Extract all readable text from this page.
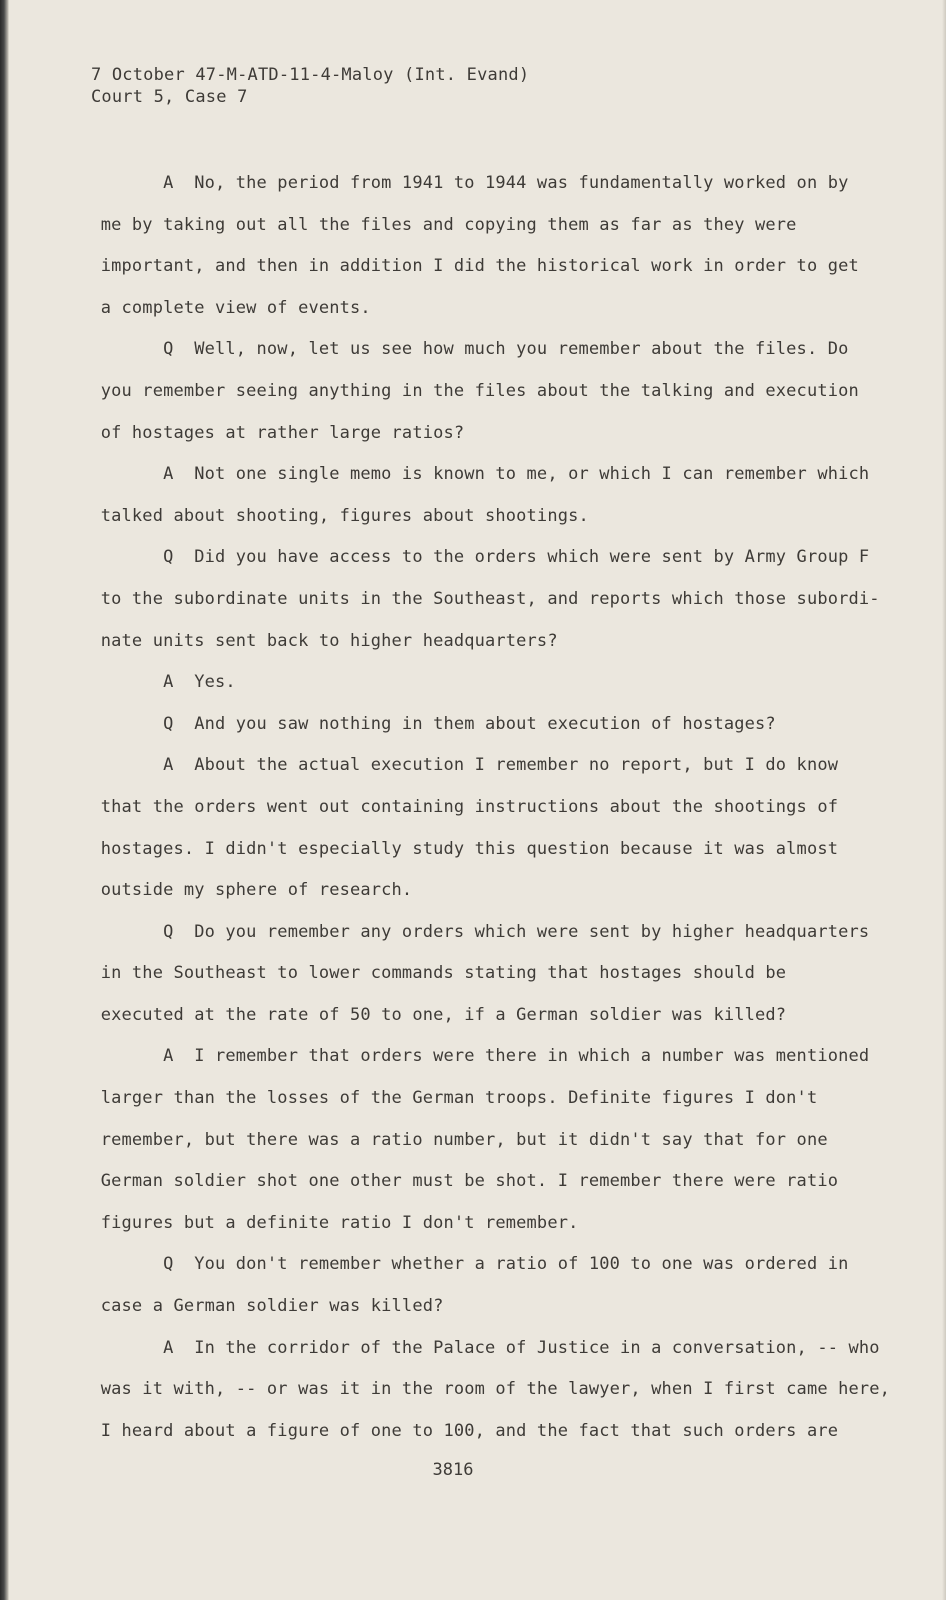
7 October 47-M-ATD-11-4-Maloy (Int. Evand)
Court 5, Case 7
A  No, the period from 1941 to 1944 was fundamentally worked on by
me by taking out all the files and copying them as far as they were
important, and then in addition I did the historical work in order to get
a complete view of events.
Q  Well, now, let us see how much you remember about the files. Do
you remember seeing anything in the files about the talking and execution
of hostages at rather large ratios?
A  Not one single memo is known to me, or which I can remember which
talked about shooting, figures about shootings.
Q  Did you have access to the orders which were sent by Army Group F
to the subordinate units in the Southeast, and reports which those subordi-
nate units sent back to higher headquarters?
A  Yes.
Q  And you saw nothing in them about execution of hostages?
A  About the actual execution I remember no report, but I do know
that the orders went out containing instructions about the shootings of
hostages. I didn't especially study this question because it was almost
outside my sphere of research.
Q  Do you remember any orders which were sent by higher headquarters
in the Southeast to lower commands stating that hostages should be
executed at the rate of 50 to one, if a German soldier was killed?
A  I remember that orders were there in which a number was mentioned
larger than the losses of the German troops. Definite figures I don't
remember, but there was a ratio number, but it didn't say that for one
German soldier shot one other must be shot. I remember there were ratio
figures but a definite ratio I don't remember.
Q  You don't remember whether a ratio of 100 to one was ordered in
case a German soldier was killed?
A  In the corridor of the Palace of Justice in a conversation, -- who
was it with, -- or was it in the room of the lawyer, when I first came here,
I heard about a figure of one to 100, and the fact that such orders are
3816
